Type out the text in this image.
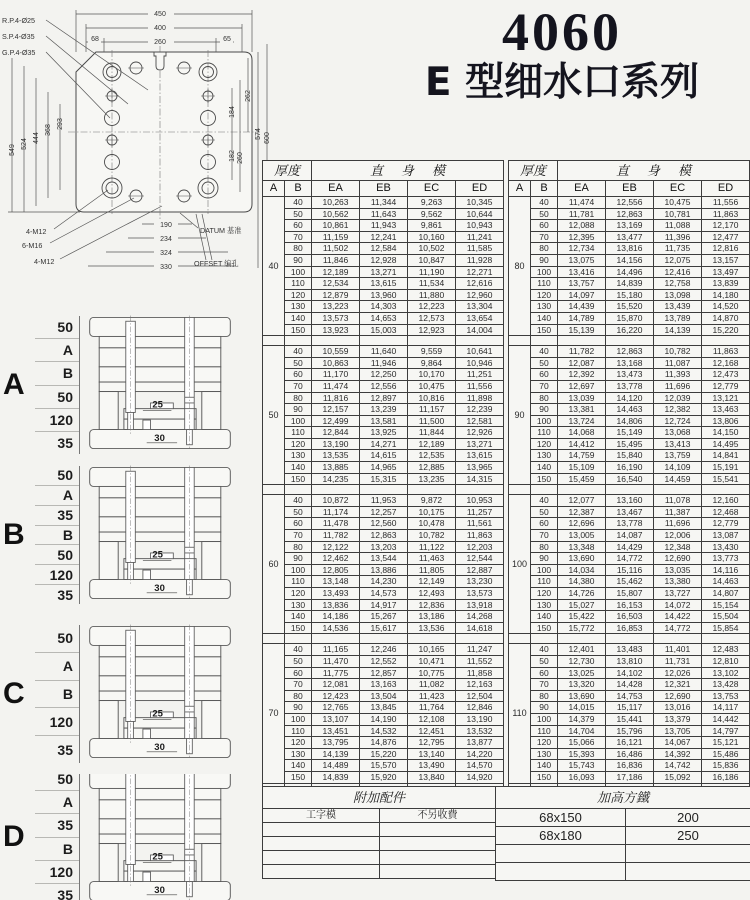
4060
E 型细水口系列
450
400
260
68	65
549
524
444
368
293
262
184
182 260
574 600
190
234
324
330
R.P.4-Ø25
S.P.4-Ø35
G.P.4-Ø35
4-M12
6-M16
4-M12
DATUM 基准
OFFSET 编孔
厚度		直身模			
A	B	EA	EB	EC	ED
40	40	10,263	11,344	9,263	10,345
	50	10,562	11,643	9,562	10,644
	60	10,861	11,943	9,861	10,943
	70	11,159	12,241	10,160	11,241
	80	11,502	12,584	10,502	11,585
	90	11,846	12,928	10,847	11,928
	100	12,189	13,271	11,190	12,271
	110	12,534	13,615	11,534	12,616
	120	12,879	13,960	11,880	12,960
	130	13,223	14,303	12,223	13,304
	140	13,573	14,653	12,573	13,654
	150	13,923	15,003	12,923	14,004

50	40	10,559	11,640	9,559	10,641
	50	10,863	11,946	9,864	10,946
	60	11,170	12,250	10,170	11,251
	70	11,474	12,556	10,475	11,556
	80	11,816	12,897	10,816	11,898
	90	12,157	13,239	11,157	12,239
	100	12,499	13,581	11,500	12,581
	110	12,844	13,925	11,844	12,926
	120	13,190	14,271	12,189	13,271
	130	13,535	14,615	12,535	13,615
	140	13,885	14,965	12,885	13,965
	150	14,235	15,315	13,235	14,315

60	40	10,872	11,953	9,872	10,953
	50	11,174	12,257	10,175	11,257
	60	11,478	12,560	10,478	11,561
	70	11,782	12,863	10,782	11,863
	80	12,122	13,203	11,122	12,203
	90	12,462	13,544	11,463	12,544
	100	12,805	13,886	11,805	12,887
	110	13,148	14,230	12,149	13,230
	120	13,493	14,573	12,493	13,573
	130	13,836	14,917	12,836	13,918
	140	14,186	15,267	13,186	14,268
	150	14,536	15,617	13,536	14,618

70	40	11,165	12,246	10,165	11,247
	50	11,470	12,552	10,471	11,552
	60	11,775	12,857	10,775	11,858
	70	12,081	13,163	11,082	12,163
	80	12,423	13,504	11,423	12,504
	90	12,765	13,845	11,764	12,846
	100	13,107	14,190	12,108	13,190
	110	13,451	14,532	12,451	13,532
	120	13,795	14,876	12,795	13,877
	130	14,139	15,220	13,140	14,220
	140	14,489	15,570	13,490	14,570
	150	14,839	15,920	13,840	14,920

厚度		直身模			
A	B	EA	EB	EC	ED
80	40	11,474	12,556	10,475	11,556
	50	11,781	12,863	10,781	11,863
	60	12,088	13,169	11,088	12,170
	70	12,395	13,477	11,396	12,477
	80	12,734	13,816	11,735	12,816
	90	13,075	14,156	12,075	13,157
	100	13,416	14,496	12,416	13,497
	110	13,757	14,839	12,758	13,839
	120	14,097	15,180	13,098	14,180
	130	14,439	15,520	13,439	14,520
	140	14,789	15,870	13,789	14,870
	150	15,139	16,220	14,139	15,220

90	40	11,782	12,863	10,782	11,863
	50	12,087	13,168	11,087	12,168
	60	12,392	13,473	11,393	12,473
	70	12,697	13,778	11,696	12,779
	80	13,039	14,120	12,039	13,121
	90	13,381	14,463	12,382	13,463
	100	13,724	14,806	12,724	13,806
	110	14,068	15,149	13,068	14,150
	120	14,412	15,495	13,413	14,495
	130	14,759	15,840	13,759	14,841
	140	15,109	16,190	14,109	15,191
	150	15,459	16,540	14,459	15,541

100	40	12,077	13,160	11,078	12,160
	50	12,387	13,467	11,387	12,468
	60	12,696	13,778	11,696	12,779
	70	13,005	14,087	12,006	13,087
	80	13,348	14,429	12,348	13,430
	90	13,690	14,772	12,690	13,773
	100	14,034	15,116	13,035	14,116
	110	14,380	15,462	13,380	14,463
	120	14,726	15,807	13,727	14,807
	130	15,027	16,153	14,072	15,154
	140	15,422	16,503	14,422	15,504
	150	15,772	16,853	14,772	15,854

110	40	12,401	13,483	11,401	12,483
	50	12,730	13,810	11,731	12,810
	60	13,025	14,102	12,026	13,102
	70	13,320	14,428	12,321	13,428
	80	13,690	14,753	12,690	13,753
	90	14,015	15,117	13,016	14,117
	100	14,379	15,441	13,379	14,442
	110	14,704	15,796	13,705	14,797
	120	15,066	16,121	14,067	15,121
	130	15,393	16,486	14,392	15,486
	140	15,743	16,836	14,742	15,836
	150	16,093	17,186	15,092	16,186

A
50
A
B
50
120
35
25
30
B
50
A
35
B
50
120
35
25
30
C
50
A
B
120
35
25
30
D
50
A
35
B
120
35
25
30
附加配件	
工字模	不另收費

加高方鐵	
68x150	200
68x180	250
